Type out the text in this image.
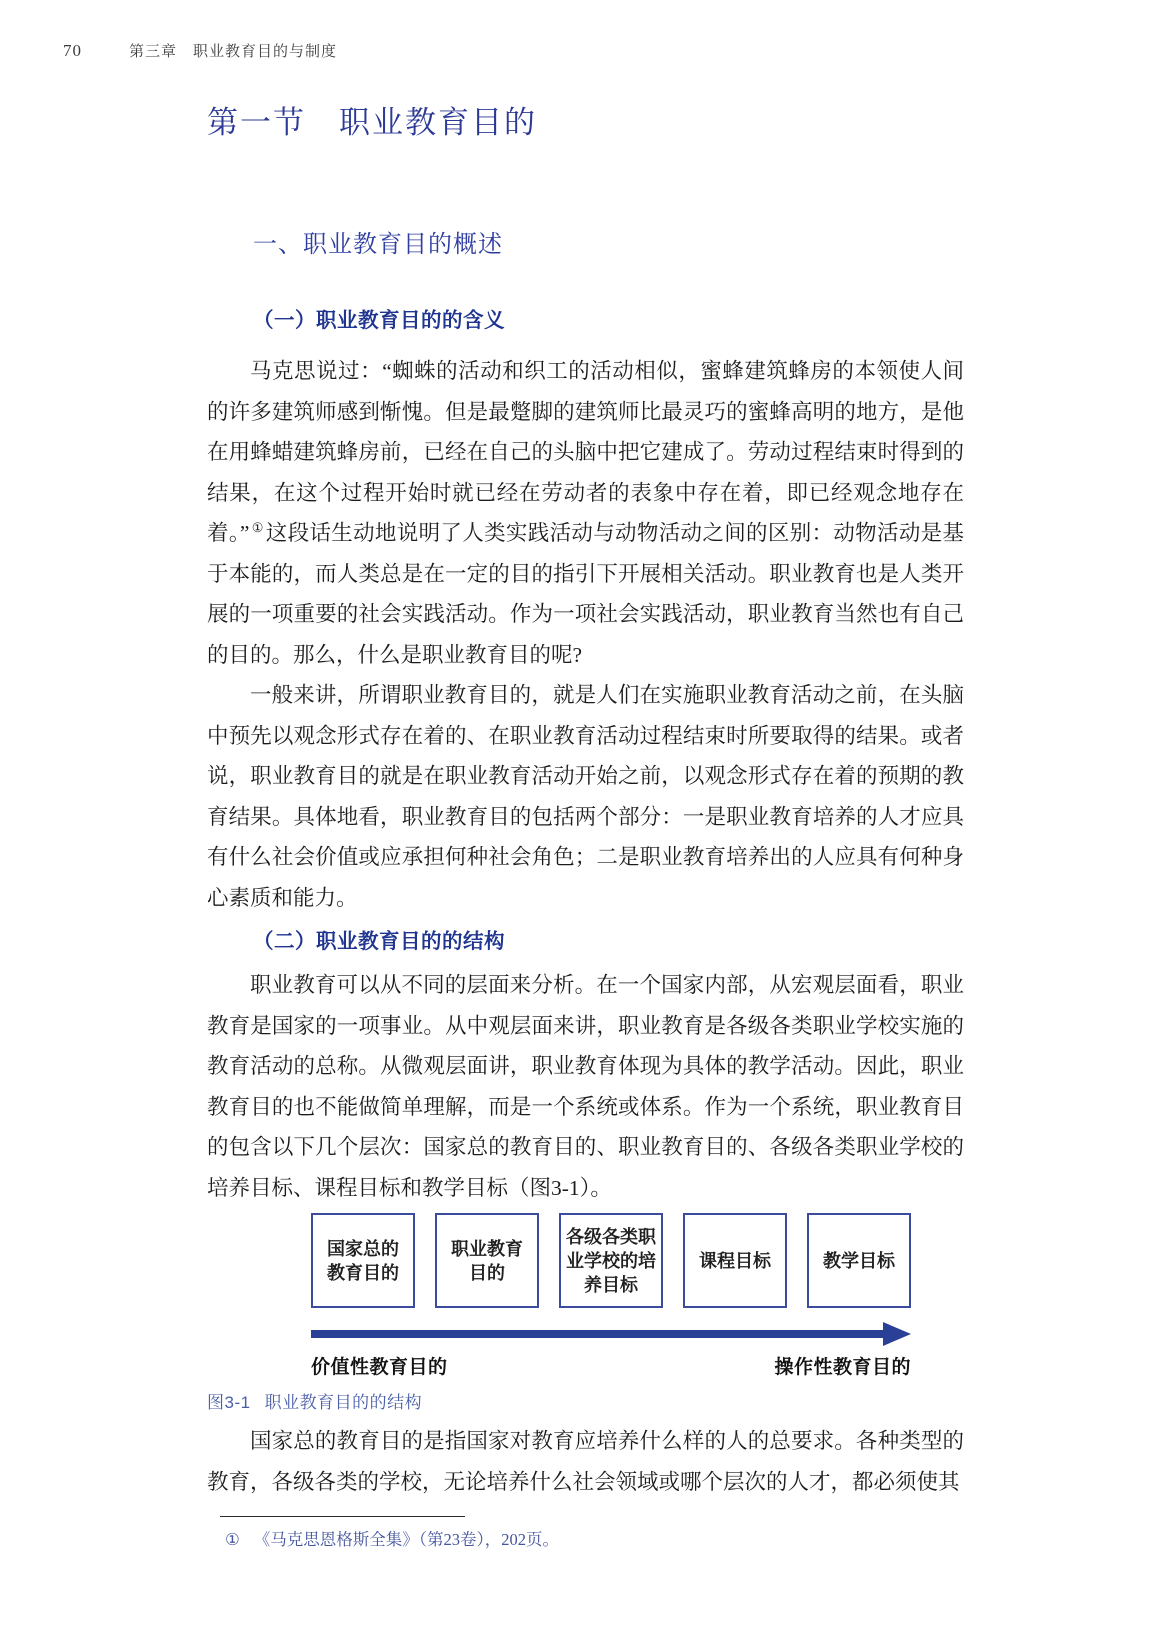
70	第三章　职业教育目的与制度
第一节　职业教育目的
一、职业教育目的概述
（一）职业教育目的的含义

马克思说过：“蜘蛛的活动和织工的活动相似，蜜蜂建筑蜂房的本领使人间的许多建筑师感到惭愧。但是最蹩脚的建筑师比最灵巧的蜜蜂高明的地方，是他在用蜂蜡建筑蜂房前，已经在自己的头脑中把它建成了。劳动过程结束时得到的结果，在这个过程开始时就已经在劳动者的表象中存在着，即已经观念地存在着。” ①这段话生动地说明了人类实践活动与动物活动之间的区别：动物活动是基于本能的，而人类总是在一定的目的指引下开展相关活动。职业教育也是人类开展的一项重要的社会实践活动。作为一项社会实践活动，职业教育当然也有自己的目的。那么，什么是职业教育目的呢?

一般来讲，所谓职业教育目的，就是人们在实施职业教育活动之前，在头脑中预先以观念形式存在着的、在职业教育活动过程结束时所要取得的结果。或者说，职业教育目的就是在职业教育活动开始之前，以观念形式存在着的预期的教育结果。具体地看，职业教育目的包括两个部分：一是职业教育培养的人才应具有什么社会价值或应承担何种社会角色；二是职业教育培养出的人应具有何种身心素质和能力。

（二）职业教育目的的结构

职业教育可以从不同的层面来分析。在一个国家内部，从宏观层面看，职业教育是国家的一项事业。从中观层面来讲，职业教育是各级各类职业学校实施的教育活动的总称。从微观层面讲，职业教育体现为具体的教学活动。因此，职业教育目的也不能做简单理解，而是一个系统或体系。作为一个系统，职业教育目的包含以下几个层次：国家总的教育目的、职业教育目的、各级各类职业学校的培养目标、课程目标和教学目标（图3-1）。

国家总的教育目的
职业教育目的
各级各类职业学校的培养目标
课程目标	教学目标
价值性教育目的	操作性教育目的
图3-1 职业教育目的的结构

国家总的教育目的是指国家对教育应培养什么样的人的总要求。各种类型的教育，各级各类的学校，无论培养什么社会领域或哪个层次的人才，都必须使其

① 《马克思恩格斯全集》（第23卷），202页。
